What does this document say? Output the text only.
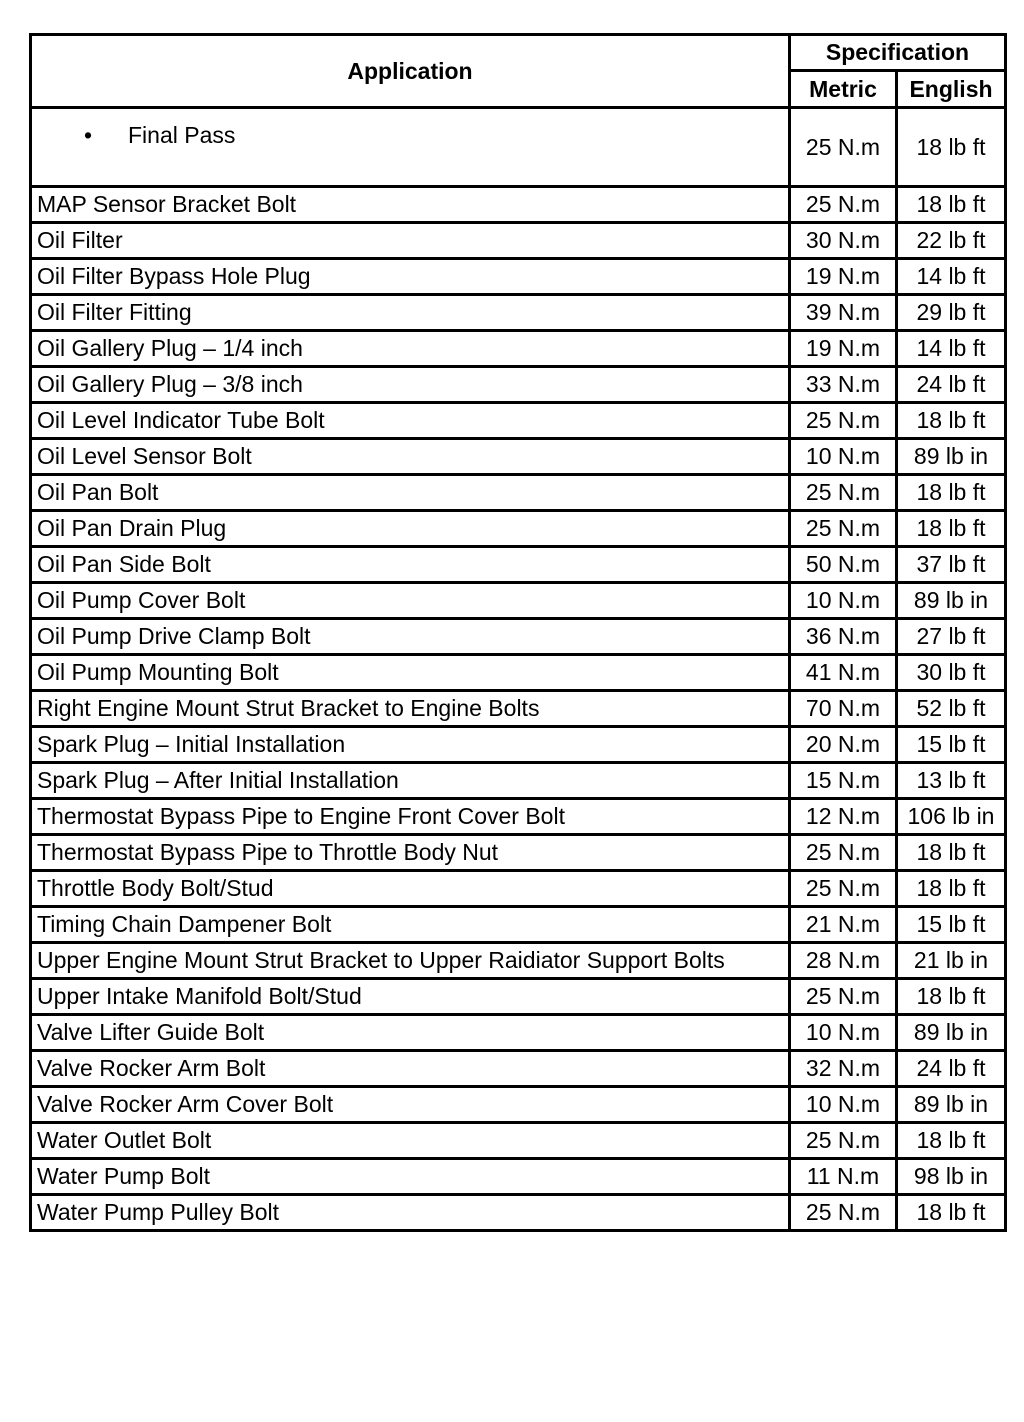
Application	Specification	
	Metric	English
• Final Pass	25 N.m	18 lb ft
MAP Sensor Bracket Bolt	25 N.m	18 lb ft
Oil Filter	30 N.m	22 lb ft
Oil Filter Bypass Hole Plug	19 N.m	14 lb ft
Oil Filter Fitting	39 N.m	29 lb ft
Oil Gallery Plug – 1/4 inch	19 N.m	14 lb ft
Oil Gallery Plug – 3/8 inch	33 N.m	24 lb ft
Oil Level Indicator Tube Bolt	25 N.m	18 lb ft
Oil Level Sensor Bolt	10 N.m	89 lb in
Oil Pan Bolt	25 N.m	18 lb ft
Oil Pan Drain Plug	25 N.m	18 lb ft
Oil Pan Side Bolt	50 N.m	37 lb ft
Oil Pump Cover Bolt	10 N.m	89 lb in
Oil Pump Drive Clamp Bolt	36 N.m	27 lb ft
Oil Pump Mounting Bolt	41 N.m	30 lb ft
Right Engine Mount Strut Bracket to Engine Bolts	70 N.m	52 lb ft
Spark Plug – Initial Installation	20 N.m	15 lb ft
Spark Plug – After Initial Installation	15 N.m	13 lb ft
Thermostat Bypass Pipe to Engine Front Cover Bolt	12 N.m	106 lb in
Thermostat Bypass Pipe to Throttle Body Nut	25 N.m	18 lb ft
Throttle Body Bolt/Stud	25 N.m	18 lb ft
Timing Chain Dampener Bolt	21 N.m	15 lb ft
Upper Engine Mount Strut Bracket to Upper Raidiator Support Bolts	28 N.m	21 lb in
Upper Intake Manifold Bolt/Stud	25 N.m	18 lb ft
Valve Lifter Guide Bolt	10 N.m	89 lb in
Valve Rocker Arm Bolt	32 N.m	24 lb ft
Valve Rocker Arm Cover Bolt	10 N.m	89 lb in
Water Outlet Bolt	25 N.m	18 lb ft
Water Pump Bolt	11 N.m	98 lb in
Water Pump Pulley Bolt	25 N.m	18 lb ft
